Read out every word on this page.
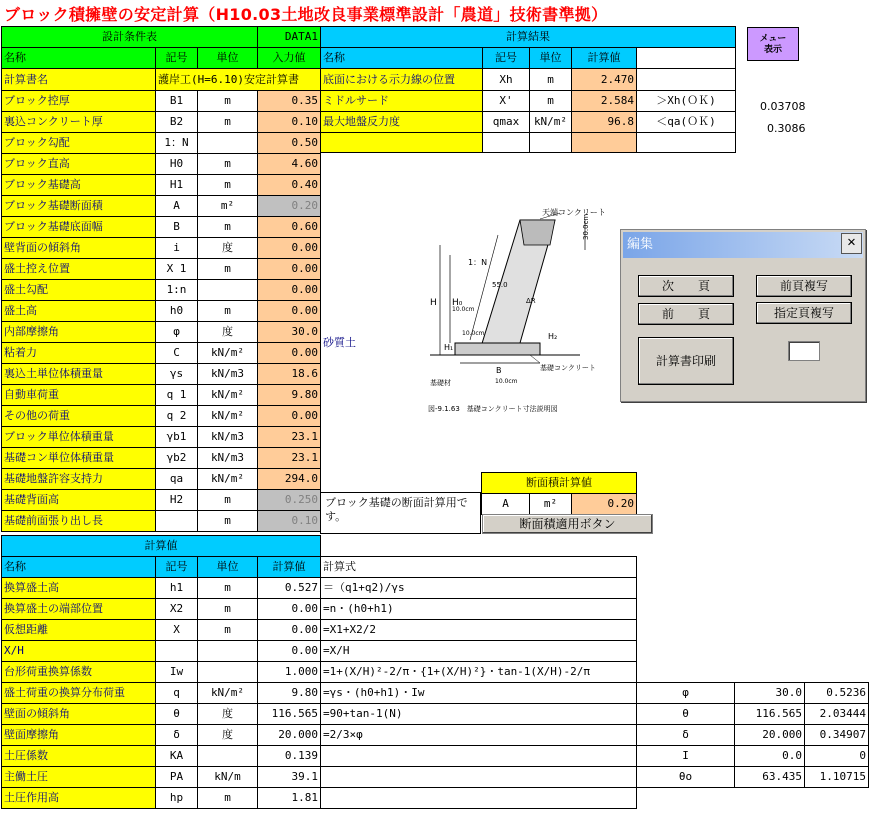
ブロック積擁壁の安定計算（H10.03土地改良事業標準設計「農道」技術書準拠）
メュー
表示
設計条件表			DATA1
名称	記号	単位	入力値
計算書名	護岸工(H=6.10)安定計算書		
ブロック控厚	B1	m	0.35
裏込コンクリート厚	B2	m	0.10
ブロック勾配	1：N		0.50
ブロック直高	H0	m	4.60
ブロック基礎高	H1	m	0.40
ブロック基礎断面積	A	m²	0.20
ブロック基礎底面幅	B	m	0.60
壁背面の傾斜角	i	度	0.00
盛土控え位置	X 1	m	0.00
盛土勾配	1:n		0.00
盛土高	h0	m	0.00
内部摩擦角	φ	度	30.0
粘着力	C	kN/m²	0.00
裏込土単位体積重量	γs	kN/m3	18.6
自動車荷重	q 1	kN/m²	9.80
その他の荷重	q 2	kN/m²	0.00
ブロック単位体積重量	γb1	kN/m3	23.1
基礎コン単位体積重量	γb2	kN/m3	23.1
基礎地盤許容支持力	qa	kN/m²	294.0
基礎背面高	H2	m	0.250
基礎前面張り出し長		m	0.10
砂質土
計算結果				
名称	記号	単位	計算値	
底面における示力線の位置	Xh	m	2.470	
ミドルサード	X'	m	2.584	＞Xh(ＯＫ)
最大地盤反力度	qmax	kN/m²	96.8	＜qa(ＯＫ)

0.03708
0.3086
天端コンクリート
30.0cm
1：N
H H₀
H₁
H₂
B
55.0
ΔR
10.0cm
10.0cm
10.0cm
基礎コンクリート
基礎材
図-9.1.63　基礎コンクリート寸法説明図
編集	✕
次　　頁
前　　頁
計算書印刷
前頁複写
指定頁複写
断面積計算値
A	m²	0.20
ブロック基礎の断面計算用です。
断面積適用ボタン
計算値				
名称	記号	単位	計算値	計算式
換算盛土高	h1	m	0.527	＝（q1+q2)/γs
換算盛土の端部位置	X2	m	0.00	=n・(h0+h1)
仮想距離	X	m	0.00	=X1+X2/2
X/H			0.00	=X/H
台形荷重換算係数	Iw		1.000	=1+(X/H)²-2/π・{1+(X/H)²}・tan-1(X/H)-2/π
盛土荷重の換算分布荷重	q	kN/m²	9.80	=γs・(h0+h1)・Iw
壁面の傾斜角	θ	度	116.565	=90+tan-1(N)
壁面摩擦角	δ	度	20.000	=2/3×φ
土圧係数	KA		0.139	
主働土圧	PA	kN/m	39.1	
土圧作用高	hp	m	1.81	
φ	30.0	0.5236
θ	116.565	2.03444
δ	20.000	0.34907
I	0.0	0
θo	63.435	1.10715
